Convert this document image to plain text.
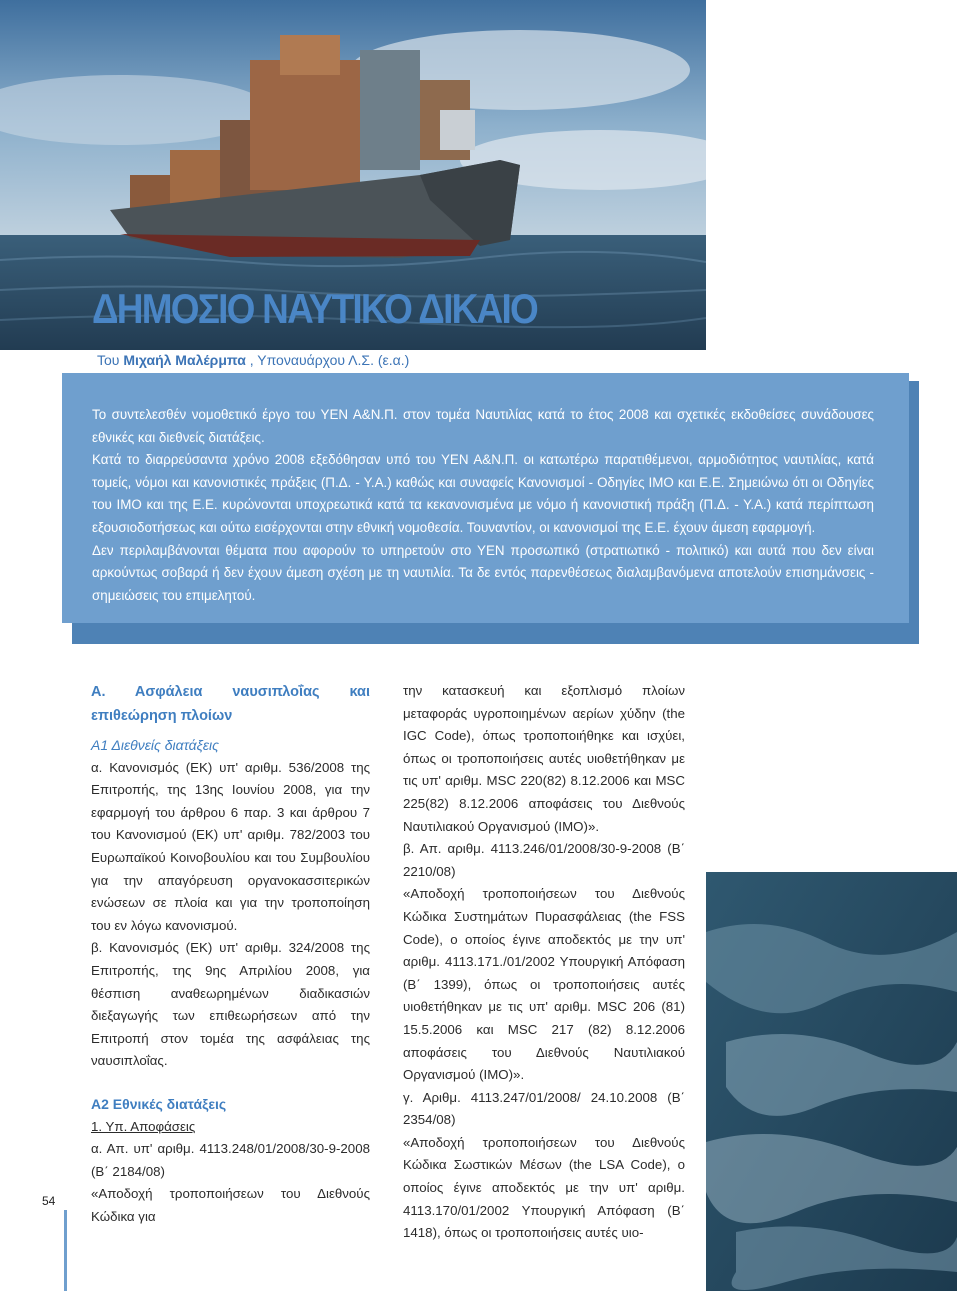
ΔΗΜΟΣΙΟ ΝΑΥΤΙΚΟ ΔΙΚΑΙΟ
Του Μιχαήλ Μαλέρμπα , Υποναυάρχου Λ.Σ. (ε.α.)

Το συντελεσθέν νομοθετικό έργο του ΥΕΝ Α&Ν.Π. στον τομέα Ναυτιλίας κατά το έτος 2008 και σχετικές εκδοθείσες συνάδουσες εθνικές και διεθνείς διατάξεις.

Κατά το διαρρεύσαντα χρόνο 2008 εξεδόθησαν υπό του ΥΕΝ Α&Ν.Π. οι κατωτέρω παρατιθέμενοι, αρμοδιότητος ναυτιλίας, κατά τομείς, νόμοι και κανονιστικές πράξεις (Π.Δ. - Υ.Α.) καθώς και συναφείς Κανονισμοί - Οδηγίες ΙΜΟ και Ε.Ε. Σημειώνω ότι οι Οδηγίες του ΙΜΟ και της Ε.Ε. κυρώνονται υποχρεωτικά κατά τα κεκανονισμένα με νόμο ή κανονιστική πράξη (Π.Δ. - Υ.Α.) κατά περίπτωση εξουσιοδοτήσεως και ούτω εισέρχονται στην εθνική νομοθεσία. Τουναντίον, οι κανονισμοί της Ε.Ε. έχουν άμεση εφαρμογή.

Δεν περιλαμβάνονται θέματα που αφορούν το υπηρετούν στο ΥΕΝ προσωπικό (στρατιωτικό - πολιτικό) και αυτά που δεν είναι αρκούντως σοβαρά ή δεν έχουν άμεση σχέση με τη ναυτιλία. Τα δε εντός παρενθέσεως διαλαμβανόμενα αποτελούν επισημάνσεις - σημειώσεις του επιμελητού.

Α. Ασφάλεια ναυσιπλοΐας και επιθεώρηση πλοίων
Α1 Διεθνείς διατάξεις

α. Κανονισμός (ΕΚ) υπ' αριθμ. 536/2008 της Επιτροπής, της 13ης Ιουνίου 2008, για την εφαρμογή του άρθρου 6 παρ. 3 και άρθρου 7 του Κανονισμού (ΕΚ) υπ' αριθμ. 782/2003 του Ευρωπαϊκού Κοινοβουλίου και του Συμβουλίου για την απαγόρευση οργανοκασσιτερικών ενώσεων σε πλοία και για την τροποποίηση του εν λόγω κανονισμού.

β. Κανονισμός (ΕΚ) υπ' αριθμ. 324/2008 της Επιτροπής, της 9ης Απριλίου 2008, για θέσπιση αναθεωρημένων διαδικασιών διεξαγωγής των επιθεωρήσεων από την Επιτροπή στον τομέα της ασφάλειας της ναυσιπλοΐας.

Α2 Εθνικές διατάξεις
1. Υπ. Αποφάσεις

α. Απ. υπ' αριθμ. 4113.248/01/2008/30-9-2008 (Β΄ 2184/08)

«Αποδοχή τροποποιήσεων του Διεθνούς Κώδικα για

την κατασκευή και εξοπλισμό πλοίων μεταφοράς υγροποιημένων αερίων χύδην (the IGC Code), όπως τροποποιήθηκε και ισχύει, όπως οι τροποποιήσεις αυτές υιοθετήθηκαν με τις υπ' αριθμ. MSC 220(82) 8.12.2006 και MSC 225(82) 8.12.2006 αποφάσεις του Διεθνούς Ναυτιλιακού Οργανισμού (ΙΜΟ)».

β. Απ. αριθμ. 4113.246/01/2008/30-9-2008 (Β΄ 2210/08)

«Αποδοχή τροποποιήσεων του Διεθνούς Κώδικα Συστημάτων Πυρασφάλειας (the FSS Code), ο οποίος έγινε αποδεκτός με την υπ' αριθμ. 4113.171./01/2002 Υπουργική Απόφαση (Β΄ 1399), όπως οι τροποποιήσεις αυτές υιοθετήθηκαν με τις υπ' αριθμ. MSC 206 (81) 15.5.2006 και MSC 217 (82) 8.12.2006 αποφάσεις του Διεθνούς Ναυτιλιακού Οργανισμού (ΙΜΟ)».

γ. Αριθμ. 4113.247/01/2008/ 24.10.2008 (Β΄ 2354/08)

«Αποδοχή τροποποιήσεων του Διεθνούς Κώδικα Σωστικών Μέσων (the LSA Code), ο οποίος έγινε αποδεκτός με την υπ' αριθμ. 4113.170/01/2002 Υπουργική Απόφαση (Β΄ 1418), όπως οι τροποποιήσεις αυτές υιο-

54
